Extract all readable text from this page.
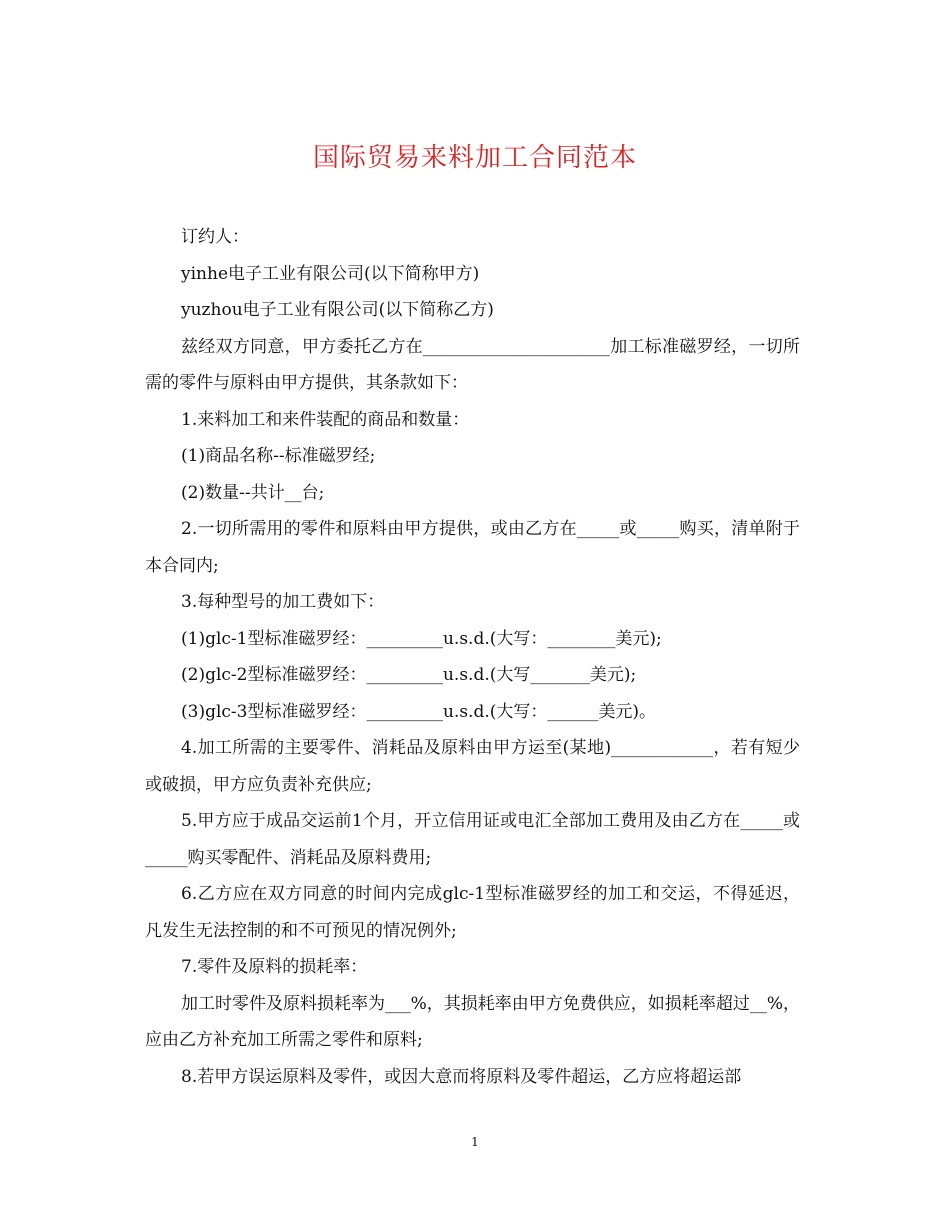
国际贸易来料加工合同范本

订约人：

yinhe电子工业有限公司(以下简称甲方)

yuzhou电子工业有限公司(以下简称乙方)

兹经双方同意，甲方委托乙方在______________________加工标准磁罗经，一切所需的零件与原料由甲方提供，其条款如下：

1.来料加工和来件装配的商品和数量：

(1)商品名称--标准磁罗经;

(2)数量--共计__台;

2.一切所需用的零件和原料由甲方提供，或由乙方在_____或_____购买，清单附于本合同内;

3.每种型号的加工费如下：

(1)glc-1型标准磁罗经：_________u.s.d.(大写：________美元);

(2)glc-2型标准磁罗经：_________u.s.d.(大写_______美元);

(3)glc-3型标准磁罗经：_________u.s.d.(大写：______美元)。

4.加工所需的主要零件、消耗品及原料由甲方运至(某地)____________，若有短少或破损，甲方应负责补充供应;

5.甲方应于成品交运前1个月，开立信用证或电汇全部加工费用及由乙方在_____或_____购买零配件、消耗品及原料费用;

6.乙方应在双方同意的时间内完成glc-1型标准磁罗经的加工和交运，不得延迟，凡发生无法控制的和不可预见的情况例外;

7.零件及原料的损耗率：

加工时零件及原料损耗率为___%，其损耗率由甲方免费供应，如损耗率超过__%，应由乙方补充加工所需之零件和原料;

8.若甲方误运原料及零件，或因大意而将原料及零件超运，乙方应将超运部

1
